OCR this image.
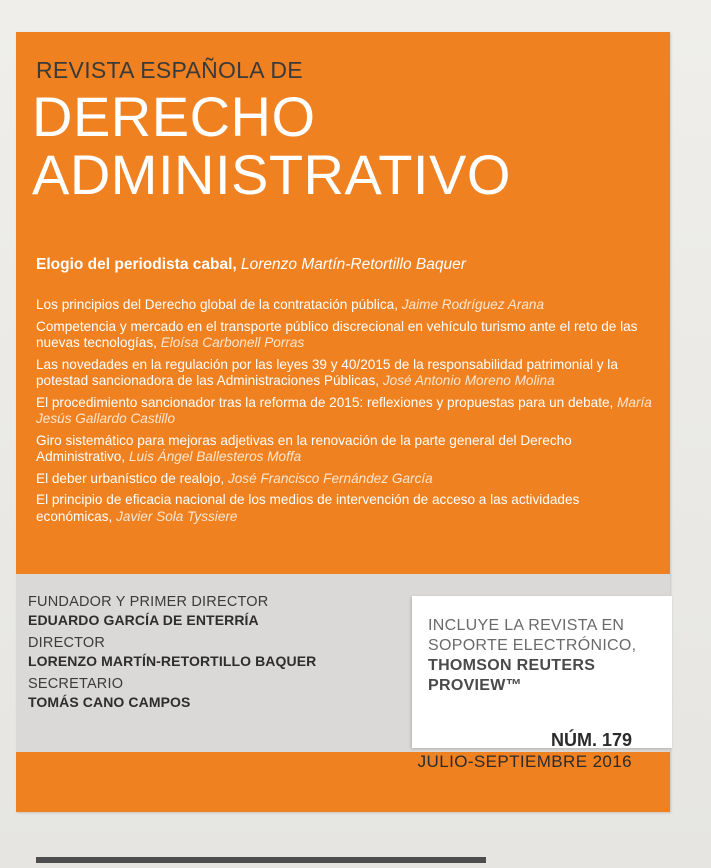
REVISTA ESPAÑOLA DE
DERECHO
ADMINISTRATIVO
Elogio del periodista cabal, Lorenzo Martín-Retortillo Baquer
Los principios del Derecho global de la contratación pública, Jaime Rodríguez Arana
Competencia y mercado en el transporte público discrecional en vehículo turismo ante el reto de las nuevas tecnologías, Eloísa Carbonell Porras
Las novedades en la regulación por las leyes 39 y 40/2015 de la responsabilidad patrimonial y la potestad sancionadora de las Administraciones Públicas, José Antonio Moreno Molina
El procedimiento sancionador tras la reforma de 2015: reflexiones y propuestas para un debate, María Jesús Gallardo Castillo
Giro sistemático para mejoras adjetivas en la renovación de la parte general del Derecho Administrativo, Luis Ángel Ballesteros Moffa
El deber urbanístico de realojo, José Francisco Fernández García
El principio de eficacia nacional de los medios de intervención de acceso a las actividades económicas, Javier Sola Tyssiere
FUNDADOR Y PRIMER DIRECTOR
EDUARDO GARCÍA DE ENTERRÍA
DIRECTOR
LORENZO MARTÍN-RETORTILLO BAQUER
SECRETARIO
TOMÁS CANO CAMPOS
INCLUYE LA REVISTA EN
SOPORTE ELECTRÓNICO,
THOMSON REUTERS
PROVIEW™
NÚM. 179
JULIO-SEPTIEMBRE 2016
